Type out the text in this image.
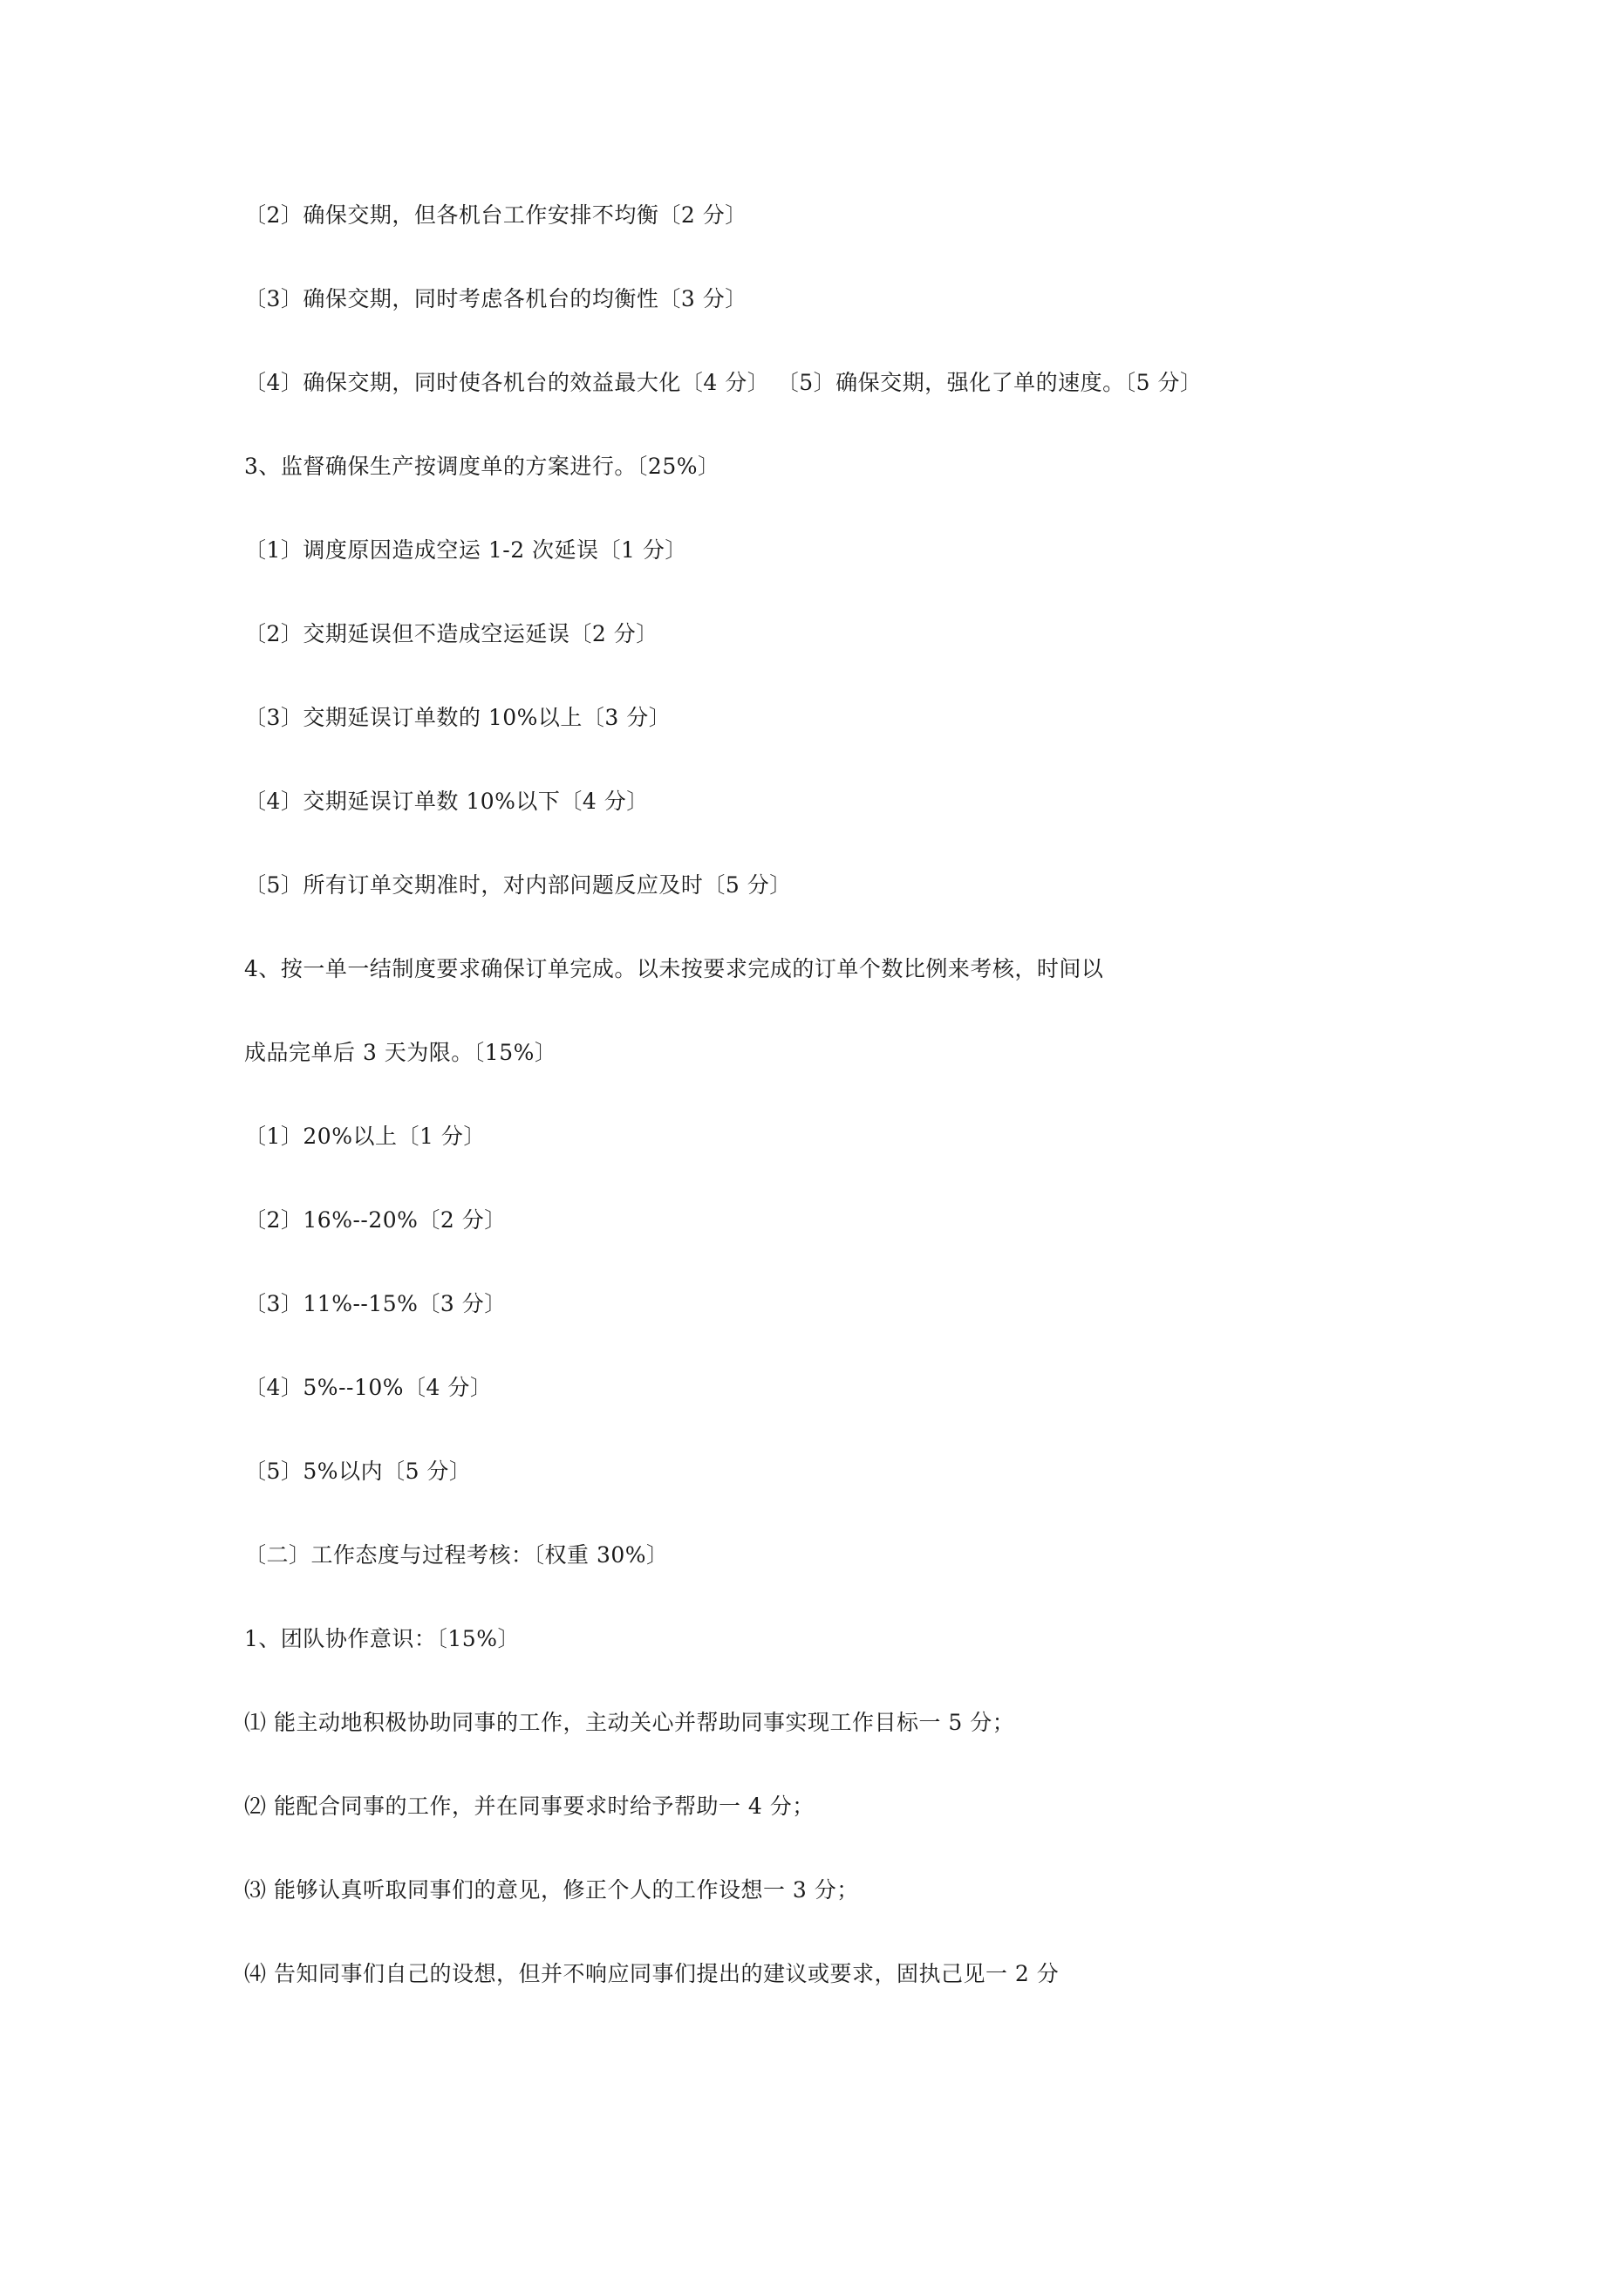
〔2〕确保交期，但各机台工作安排不均衡〔2 分〕
〔3〕确保交期，同时考虑各机台的均衡性〔3 分〕
〔4〕确保交期，同时使各机台的效益最大化〔4 分〕 〔5〕确保交期，强化了单的速度。〔5 分〕
3、监督确保生产按调度单的方案进行。〔25%〕
〔1〕调度原因造成空运 1-2 次延误〔1 分〕
〔2〕交期延误但不造成空运延误〔2 分〕
〔3〕交期延误订单数的 10%以上〔3 分〕
〔4〕交期延误订单数 10%以下〔4 分〕
〔5〕所有订单交期准时，对内部问题反应及时〔5 分〕
4、按一单一结制度要求确保订单完成。以未按要求完成的订单个数比例来考核，时间以
成品完单后 3 天为限。〔15%〕
〔1〕20%以上〔1 分〕
〔2〕16%--20%〔2 分〕
〔3〕11%--15%〔3 分〕
〔4〕5%--10%〔4 分〕
〔5〕5%以内〔5 分〕
〔二〕工作态度与过程考核：〔权重 30%〕
1、团队协作意识：〔15%〕
⑴ 能主动地积极协助同事的工作，主动关心并帮助同事实现工作目标一 5 分；
⑵ 能配合同事的工作，并在同事要求时给予帮助一 4 分；
⑶ 能够认真听取同事们的意见，修正个人的工作设想一 3 分；
⑷ 告知同事们自己的设想，但并不响应同事们提出的建议或要求，固执己见一 2 分
